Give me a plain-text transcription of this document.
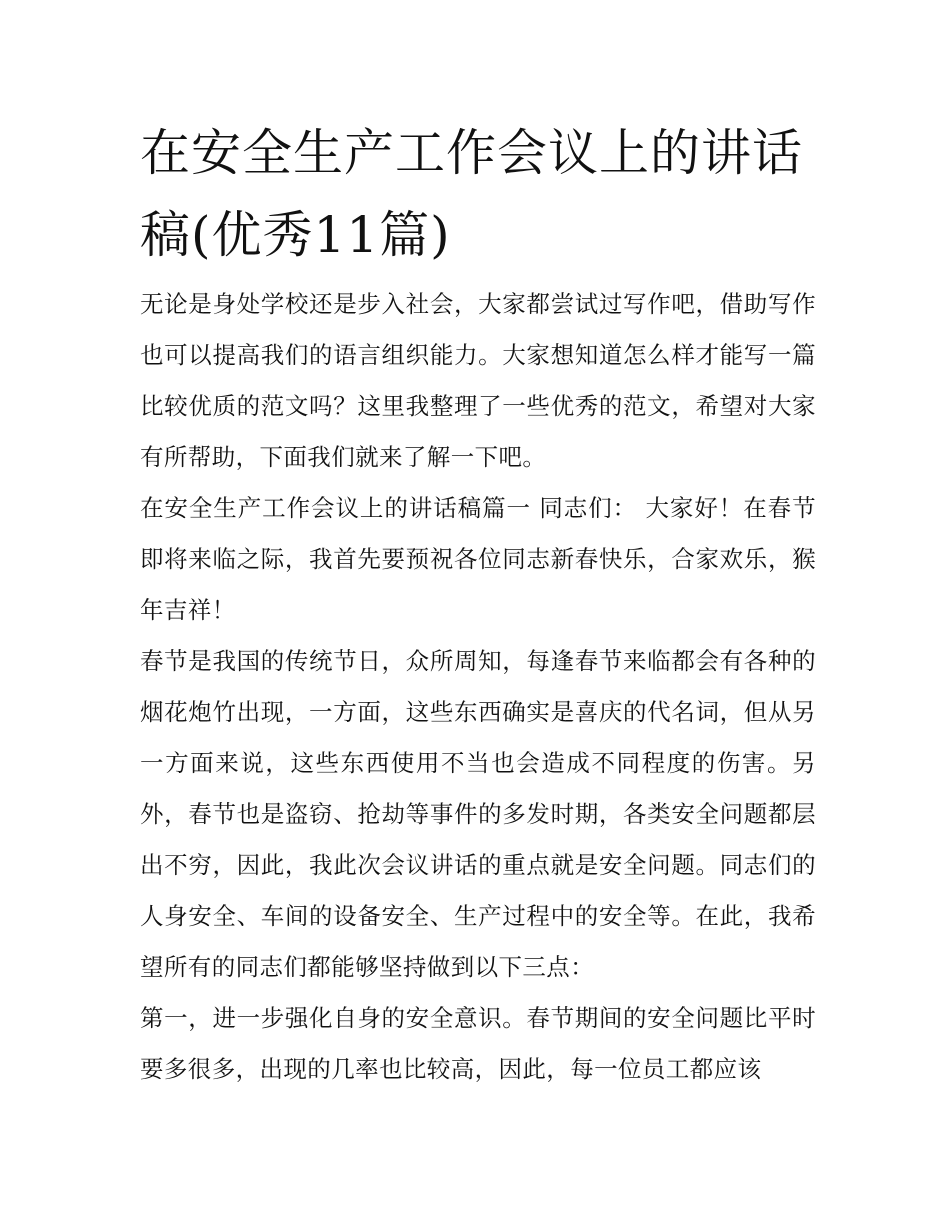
在安全生产工作会议上的讲话稿(优秀11篇)

无论是身处学校还是步入社会，大家都尝试过写作吧，借助写作也可以提高我们的语言组织能力。大家想知道怎么样才能写一篇比较优质的范文吗？这里我整理了一些优秀的范文，希望对大家有所帮助，下面我们就来了解一下吧。

在安全生产工作会议上的讲话稿篇一 同志们： 大家好！在春节即将来临之际，我首先要预祝各位同志新春快乐，合家欢乐，猴年吉祥！

春节是我国的传统节日，众所周知，每逢春节来临都会有各种的烟花炮竹出现，一方面，这些东西确实是喜庆的代名词，但从另一方面来说，这些东西使用不当也会造成不同程度的伤害。另外，春节也是盗窃、抢劫等事件的多发时期，各类安全问题都层出不穷，因此，我此次会议讲话的重点就是安全问题。同志们的人身安全、车间的设备安全、生产过程中的安全等。在此，我希望所有的同志们都能够坚持做到以下三点：

第一，进一步强化自身的安全意识。春节期间的安全问题比平时要多很多，出现的几率也比较高，因此，每一位员工都应该
